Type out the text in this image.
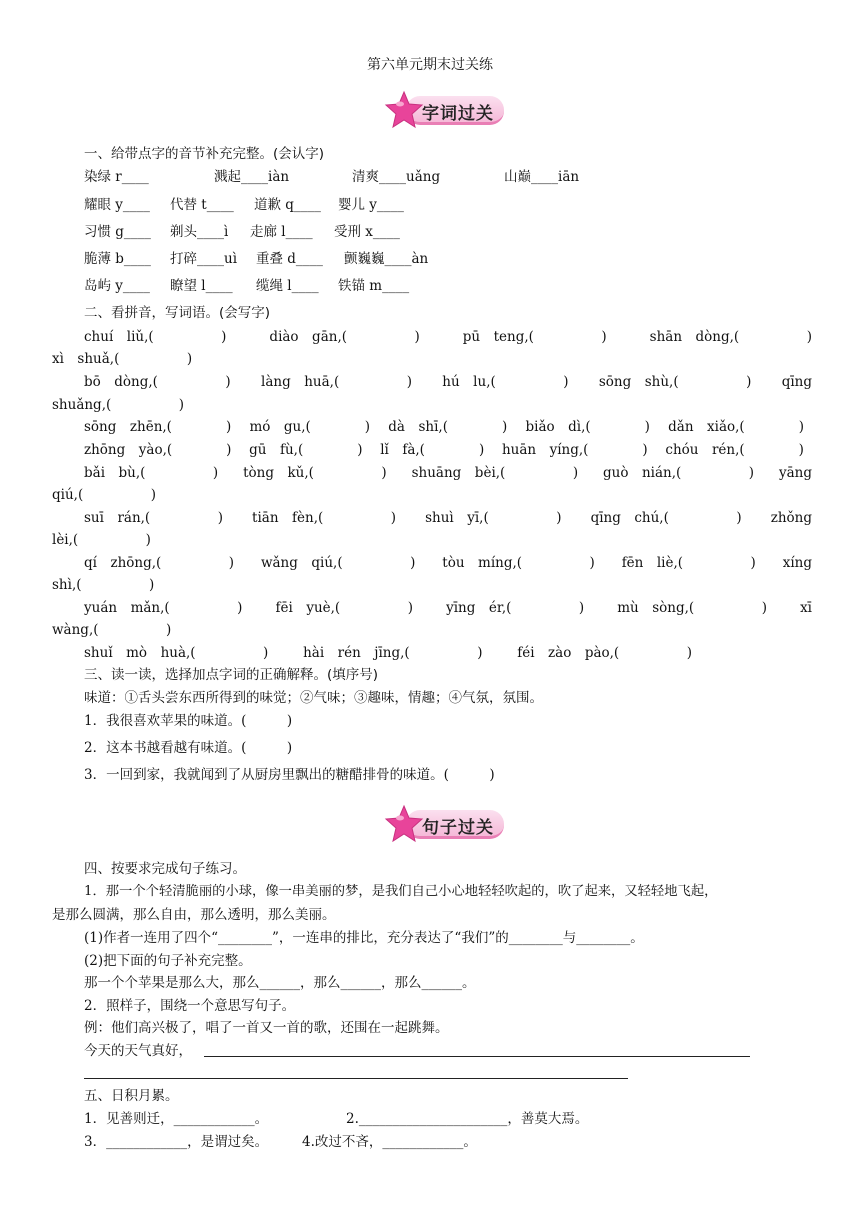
第六单元期末过关练
字词过关
一、给带点字的音节补充完整。(会认字)
染绿 r____	溅起____iàn	清爽____uǎng	山巅____iān
耀眼 y____ 代替 t____ 道歉 q____ 婴儿 y____
习惯 g____ 剃头____ì 走廊 l____ 受刑 x____
脆薄 b____ 打碎____uì 重叠 d____ 颤巍巍____àn
岛屿 y____ 瞭望 l____ 缆绳 l____ 铁锚 m____
二、看拼音，写词语。(会写字)
chuí　liǔ,(　　　　　)	diào　gān,(　　　　　)	pū　teng,(　　　　　)	shān　dòng,(　　　　　)
xì　shuǎ,(　　　　　)
bō　dòng,(　　　　　) làng　huā,(　　　　　) hú　lu,(　　　　　) sōng　shù,(　　　　　) qīng
shuǎng,(　　　　　)
sōng　zhēn,(　　　　) mó　gu,(　　　　) dà　shī,(　　　　) biǎo　dì,(　　　　) dǎn　xiǎo,(　　　　)
zhōng　yào,(　　　　) gū　fù,(　　　　) lǐ　fà,(　　　　) huān　yíng,(　　　　) chóu　rén,(　　　　)
bǎi　bù,(　　　　　) tòng　kǔ,(　　　　　) shuāng　bèi,(　　　　　) guò　nián,(　　　　　) yāng
qiú,(　　　　　)
suī　rán,(　　　　　) tiān　fèn,(　　　　　) shuì　yī,(　　　　　) qīng　chú,(　　　　　) zhǒng
lèi,(　　　　　)
qí　zhōng,(　　　　　) wǎng　qiú,(　　　　　) tòu　míng,(　　　　　) fēn　liè,(　　　　　) xíng
shì,(　　　　　)
yuán　mǎn,(　　　　　) fēi　yuè,(　　　　　) yīng　ér,(　　　　　) mù　sòng,(　　　　　) xī
wàng,(　　　　　)
shuǐ　mò　huà,(　　　　　)	hài　rén　jīng,(　　　　　)	féi　zào　pào,(　　　　　)
三、读一读，选择加点字词的正确解释。(填序号)
味道：①舌头尝东西所得到的味觉；②气味；③趣味，情趣；④气氛，氛围。
1．我很喜欢苹果的味道。(　　　)
2．这本书越看越有味道。(　　　)
3．一回到家，我就闻到了从厨房里飘出的糖醋排骨的味道。(　　　)
句子过关
四、按要求完成句子练习。
1．那一个个轻清脆丽的小球，像一串美丽的梦，是我们自己小心地轻轻吹起的，吹了起来，又轻轻地飞起，
是那么圆满，那么自由，那么透明，那么美丽。
(1)作者一连用了四个“________”，一连串的排比，充分表达了“我们”的________与________。
(2)把下面的句子补充完整。
那一个个苹果是那么大，那么______，那么______，那么______。
2．照样子，围绕一个意思写句子。
例：他们高兴极了，唱了一首又一首的歌，还围在一起跳舞。
今天的天气真好，
五、日积月累。
1．见善则迁，____________。	2.______________________，善莫大焉。
3．____________，是谓过矣。	4.改过不吝，____________。
